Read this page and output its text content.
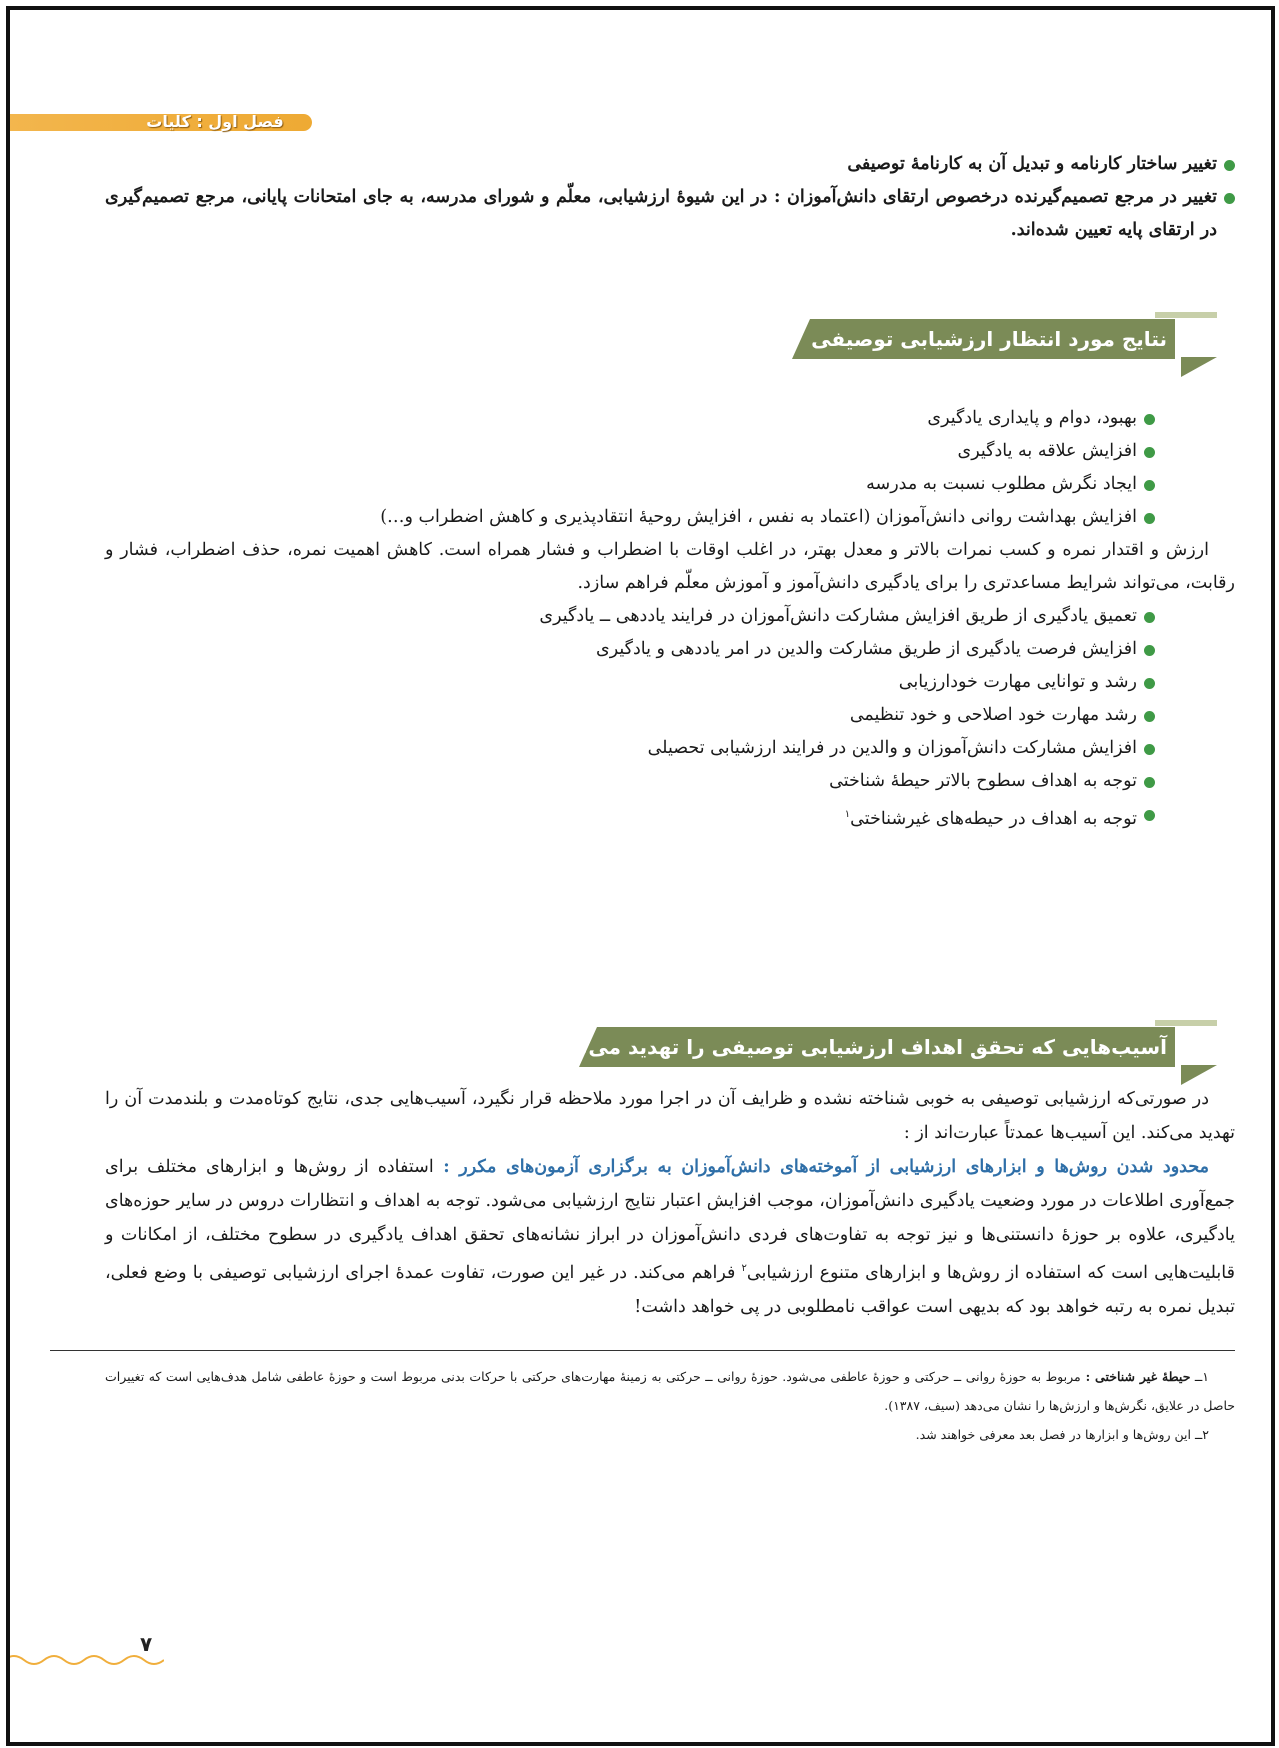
فصل اول : کلیات
تغییر ساختار کارنامه و تبدیل آن به کارنامهٔ توصیفی
تغییر در مرجع تصمیم‌گیرنده درخصوص ارتقای دانش‌آموزان : در این شیوهٔ ارزشیابی، معلّم و شورای مدرسه، به جای امتحانات پایانی، مرجع تصمیم‌گیری در ارتقای پایه تعیین شده‌اند.
نتایج مورد انتظار ارزشیابی توصیفی
بهبود، دوام و پایداری یادگیری
افزایش علاقه به یادگیری
ایجاد نگرش مطلوب نسبت به مدرسه
افزایش بهداشت روانی دانش‌آموزان (اعتماد به نفس ، افزایش روحیهٔ انتقادپذیری و کاهش اضطراب و…)

ارزش و اقتدار نمره و کسب نمرات بالاتر و معدل بهتر، در اغلب اوقات با اضطراب و فشار همراه است. کاهش اهمیت نمره، حذف اضطراب، فشار و رقابت، می‌تواند شرایط مساعدتری را برای یادگیری دانش‌آموز و آموزش معلّم فراهم سازد.

تعمیق یادگیری از طریق افزایش مشارکت دانش‌آموزان در فرایند یاددهی ــ یادگیری
افزایش فرصت یادگیری از طریق مشارکت والدین در امر یاددهی و یادگیری
رشد و توانایی مهارت خودارزیابی
رشد مهارت خود اصلاحی و خود تنظیمی
افزایش مشارکت دانش‌آموزان و والدین در فرایند ارزشیابی تحصیلی
توجه به اهداف سطوح بالاتر حیطهٔ شناختی
توجه به اهداف در حیطه‌های غیرشناختی$^۱$
آسیب‌هایی که تحقق اهداف ارزشیابی توصیفی را تهدید می‌کند

در صورتی‌که ارزشیابی توصیفی به خوبی شناخته نشده و ظرایف آن در اجرا مورد ملاحظه قرار نگیرد، آسیب‌هایی جدی، نتایج کوتاه‌مدت و بلندمدت آن را تهدید می‌کند. این آسیب‌ها عمدتاً عبارت‌اند از :

محدود شدن روش‌ها و ابزارهای ارزشیابی از آموخته‌های دانش‌آموزان به برگزاری آزمون‌های مکرر : استفاده از روش‌ها و ابزارهای مختلف برای جمع‌آوری اطلاعات در مورد وضعیت یادگیری دانش‌آموزان، موجب افزایش اعتبار نتایج ارزشیابی می‌شود. توجه به اهداف و انتظارات دروس در سایر حوزه‌های یادگیری، علاوه بر حوزهٔ دانستنی‌ها و نیز توجه به تفاوت‌های فردی دانش‌آموزان در ابراز نشانه‌های تحقق اهداف یادگیری در سطوح مختلف، از امکانات و قابلیت‌هایی است که استفاده از روش‌ها و ابزارهای متنوع ارزشیابی$^۲$ فراهم می‌کند. در غیر این صورت، تفاوت عمدهٔ اجرای ارزشیابی توصیفی با وضع فعلی، تبدیل نمره به رتبه خواهد بود که بدیهی است عواقب نامطلوبی در پی خواهد داشت!

۱ــ حیطهٔ غیر شناختی : مربوط به حوزهٔ روانی ــ حرکتی و حوزهٔ عاطفی می‌شود. حوزهٔ روانی ــ حرکتی به زمینهٔ مهارت‌های حرکتی با حرکات بدنی مربوط است و حوزهٔ عاطفی شامل هدف‌هایی است که تغییرات حاصل در علایق، نگرش‌ها و ارزش‌ها را نشان می‌دهد (سیف، ۱۳۸۷).

۲ــ این روش‌ها و ابزارها در فصل بعد معرفی خواهند شد.

۷
